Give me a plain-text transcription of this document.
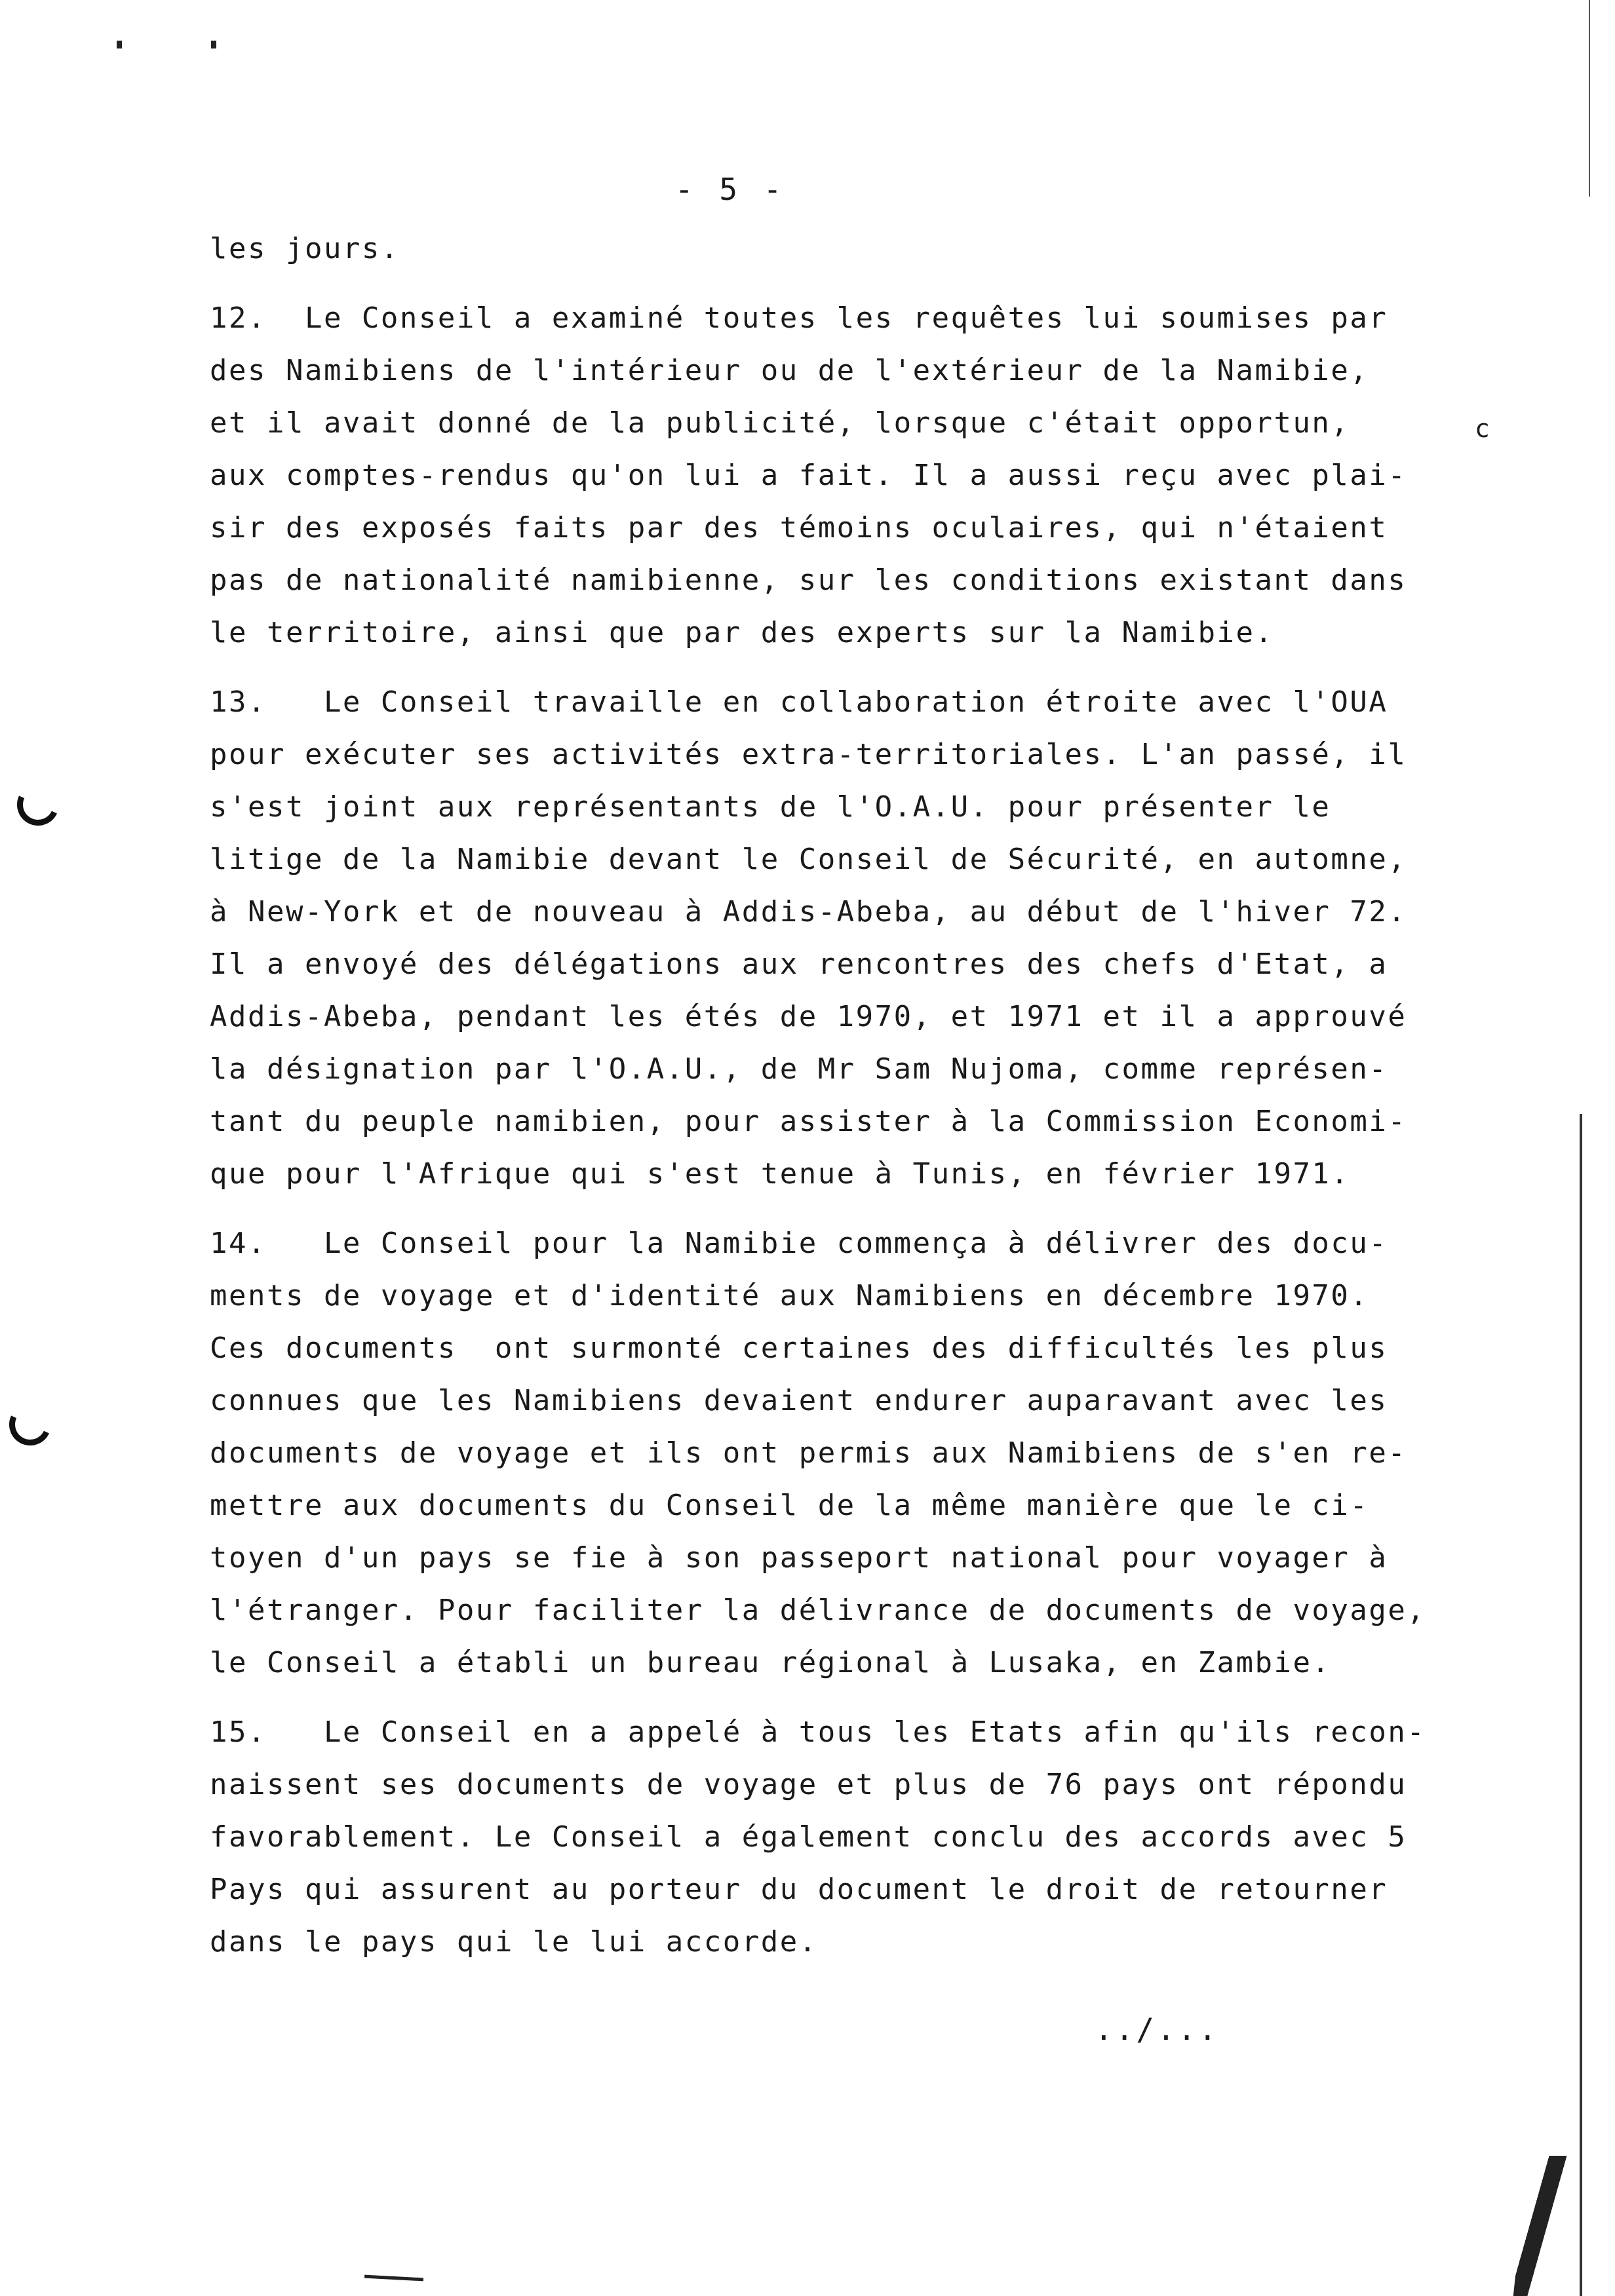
- 5 -
les jours.
12.  Le Conseil a examiné toutes les requêtes lui soumises par
des Namibiens de l'intérieur ou de l'extérieur de la Namibie,
et il avait donné de la publicité, lorsque c'était opportun,
aux comptes-rendus qu'on lui a fait. Il a aussi reçu avec plai-
sir des exposés faits par des témoins oculaires, qui n'étaient
pas de nationalité namibienne, sur les conditions existant dans
le territoire, ainsi que par des experts sur la Namibie.
13.   Le Conseil travaille en collaboration étroite avec l'OUA
pour exécuter ses activités extra-territoriales. L'an passé, il
s'est joint aux représentants de l'O.A.U. pour présenter le
litige de la Namibie devant le Conseil de Sécurité, en automne,
à New-York et de nouveau à Addis-Abeba, au début de l'hiver 72.
Il a envoyé des délégations aux rencontres des chefs d'Etat, a
Addis-Abeba, pendant les étés de 1970, et 1971 et il a approuvé
la désignation par l'O.A.U., de Mr Sam Nujoma, comme représen-
tant du peuple namibien, pour assister à la Commission Economi-
que pour l'Afrique qui s'est tenue à Tunis, en février 1971.
14.   Le Conseil pour la Namibie commença à délivrer des docu-
ments de voyage et d'identité aux Namibiens en décembre 1970.
Ces documents  ont surmonté certaines des difficultés les plus
connues que les Namibiens devaient endurer auparavant avec les
documents de voyage et ils ont permis aux Namibiens de s'en re-
mettre aux documents du Conseil de la même manière que le ci-
toyen d'un pays se fie à son passeport national pour voyager à
l'étranger. Pour faciliter la délivrance de documents de voyage,
le Conseil a établi un bureau régional à Lusaka, en Zambie.
15.   Le Conseil en a appelé à tous les Etats afin qu'ils recon-
naissent ses documents de voyage et plus de 76 pays ont répondu
favorablement. Le Conseil a également conclu des accords avec 5
Pays qui assurent au porteur du document le droit de retourner
dans le pays qui le lui accorde.
c
../...
